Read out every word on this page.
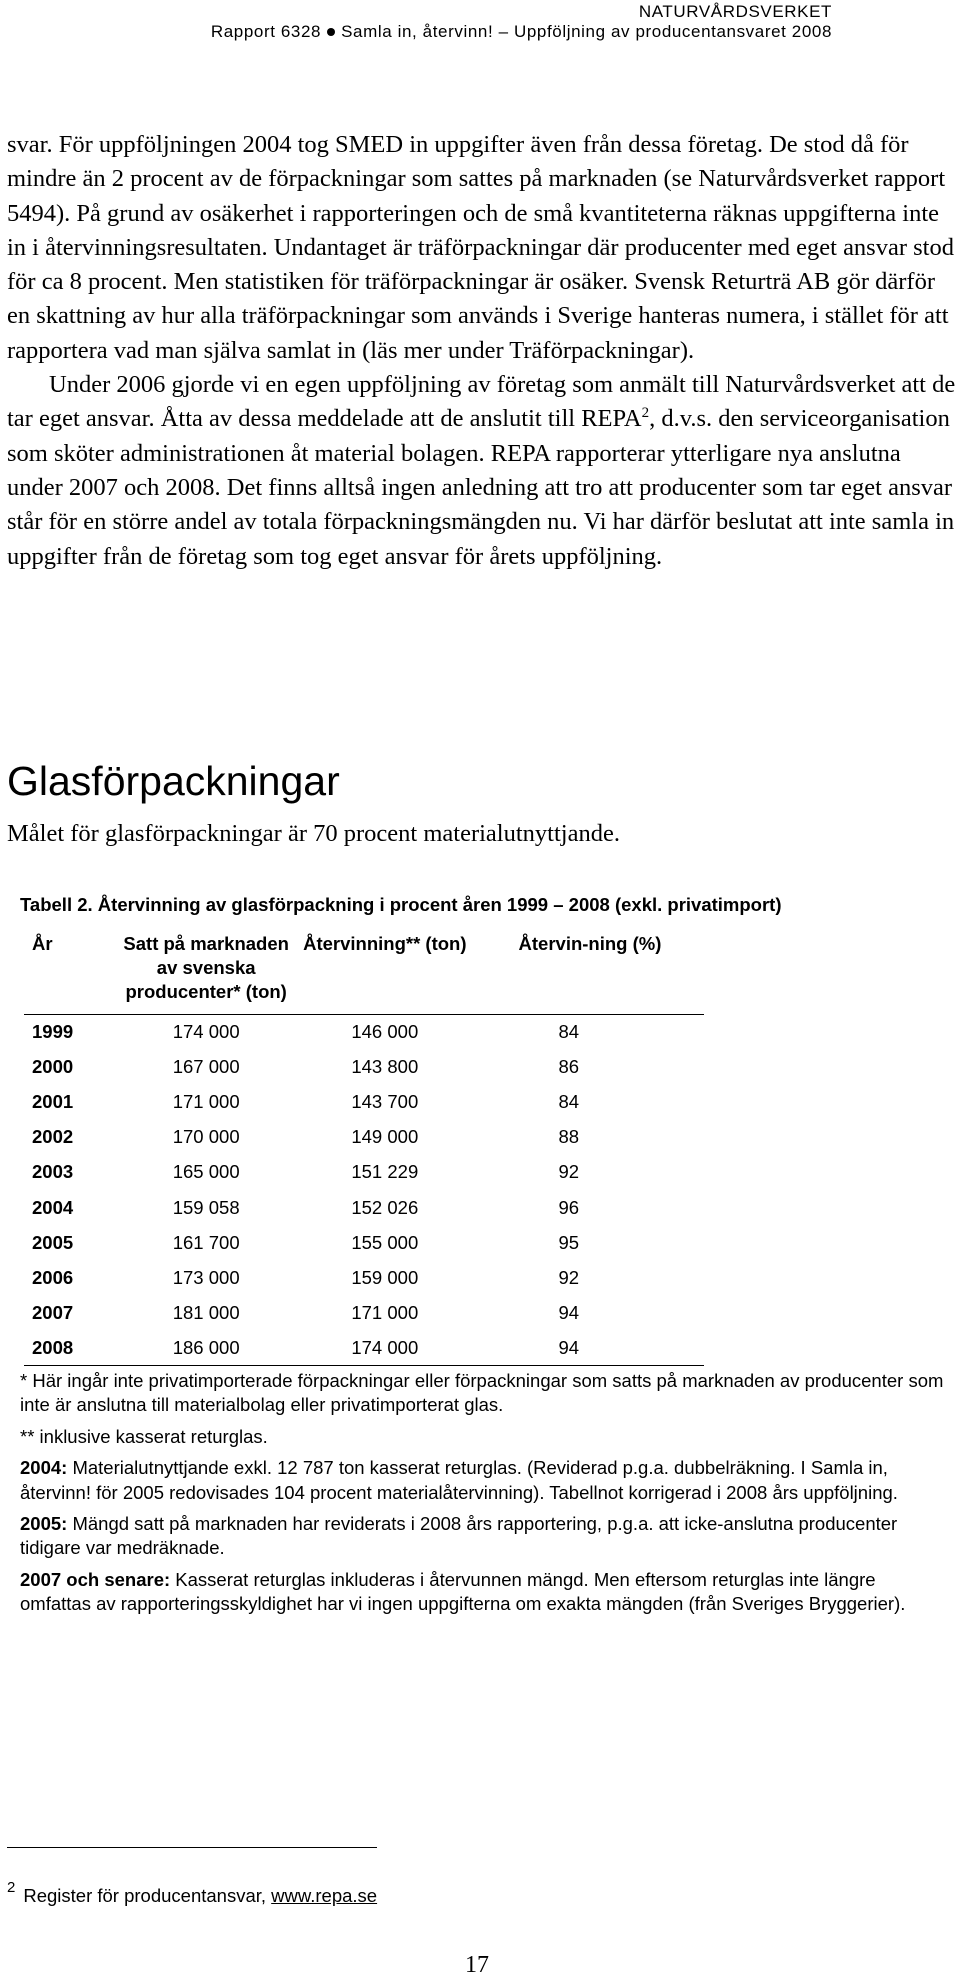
NATURVÅRDSVERKET
Rapport 6328 Samla in, återvinn! – Uppföljning av producentansvaret 2008

svar. För uppföljningen 2004 tog SMED in uppgifter även från dessa företag. De stod då för mindre än 2 procent av de förpackningar som sattes på marknaden (se Naturvårdsverket rapport 5494). På grund av osäkerhet i rapporteringen och de små kvantiteterna räknas uppgifterna inte in i återvinningsresultaten. Undantaget är träförpackningar där producenter med eget ansvar stod för ca 8 procent. Men statistiken för träförpackningar är osäker. Svensk Returträ AB gör därför en skattning av hur alla träförpackningar som används i Sverige hanteras numera, i stället för att rapportera vad man själva samlat in (läs mer under Träförpackningar).

Under 2006 gjorde vi en egen uppföljning av företag som anmält till Naturvårdsverket att de tar eget ansvar. Åtta av dessa meddelade att de anslutit till REPA$^2$, d.v.s. den serviceorganisation som sköter administrationen åt material bolagen. REPA rapporterar ytterligare nya anslutna under 2007 och 2008. Det finns alltså ingen anledning att tro att producenter som tar eget ansvar står för en större andel av totala förpackningsmängden nu. Vi har därför beslutat att inte samla in uppgifter från de företag som tog eget ansvar för årets uppföljning.

Glasförpackningar

Målet för glasförpackningar är 70 procent materialutnyttjande.

Tabell 2. Återvinning av glasförpackning i procent åren 1999 – 2008 (exkl. privatimport)

År	Satt på marknaden av svenska producenter* (ton)	Återvinning** (ton)	Återvin-ning (%)
1999	174 000	146 000	84
2000	167 000	143 800	86
2001	171 000	143 700	84
2002	170 000	149 000	88
2003	165 000	151 229	92
2004	159 058	152 026	96
2005	161 700	155 000	95
2006	173 000	159 000	92
2007	181 000	171 000	94
2008	186 000	174 000	94

* Här ingår inte privatimporterade förpackningar eller förpackningar som satts på marknaden av producenter som inte är anslutna till materialbolag eller privatimporterat glas.

** inklusive kasserat returglas.

2004: Materialutnyttjande exkl. 12 787 ton kasserat returglas. (Reviderad p.g.a. dubbelräkning. I Samla in, återvinn! för 2005 redovisades 104 procent materialåtervinning). Tabellnot korrigerad i 2008 års uppföljning.

2005: Mängd satt på marknaden har reviderats i 2008 års rapportering, p.g.a. att icke-anslutna producenter tidigare var medräknade.

2007 och senare: Kasserat returglas inkluderas i återvunnen mängd. Men eftersom returglas inte längre omfattas av rapporteringsskyldighet har vi ingen uppgifterna om exakta mängden (från Sveriges Bryggerier).

$^2$ Register för producentansvar, www.repa.se

17
